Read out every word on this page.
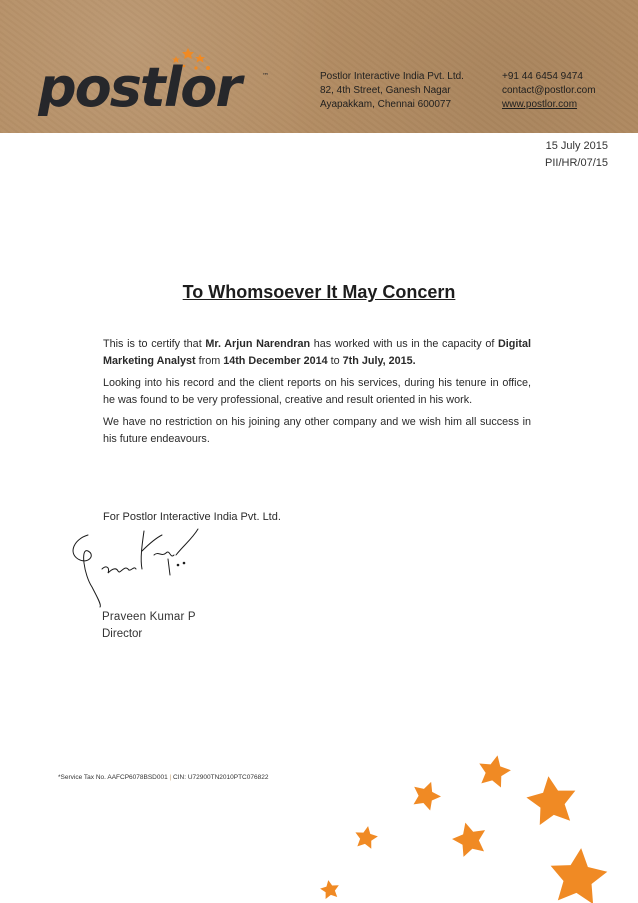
postlor	™	Postlor Interactive India Pvt. Ltd.
82, 4th Street, Ganesh Nagar
Ayapakkam, Chennai 600077
+91 44 6454 9474
contact@postlor.com
www.postlor.com
15 July 2015
PII/HR/07/15
To Whomsoever It May Concern

This is to certify that Mr. Arjun Narendran has worked with us in the capacity of Digital Marketing Analyst from 14th December 2014 to 7th July, 2015.

Looking into his record and the client reports on his services, during his tenure in office, he was found to be very professional, creative and result oriented in his work.

We have no restriction on his joining any other company and we wish him all success in his future endeavours.

For Postlor Interactive India Pvt. Ltd.
Praveen Kumar P
Director
*Service Tax No. AAFCP6078BSD001 | CIN: U72900TN2010PTC076822
